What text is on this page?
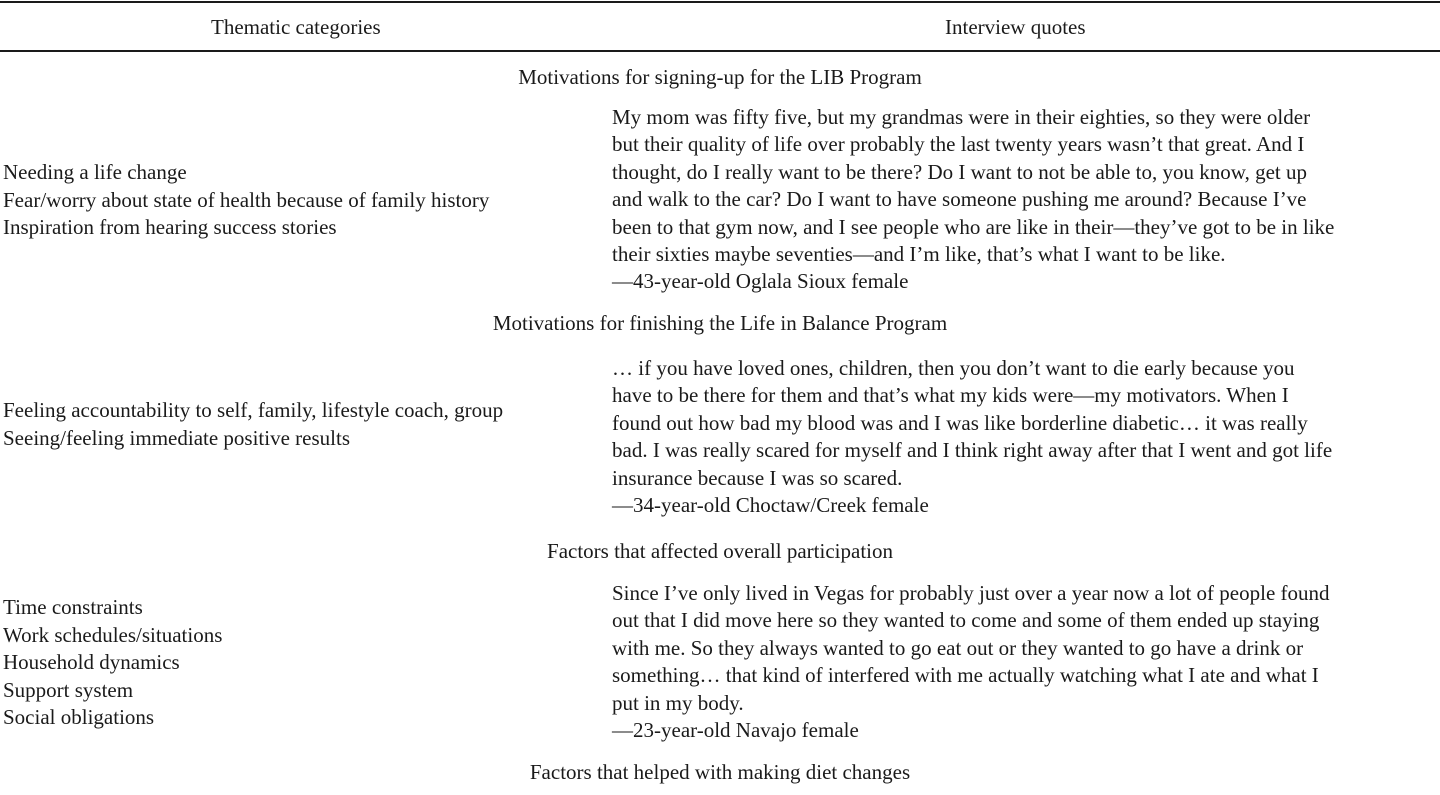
Thematic categories	Interview quotes
Motivations for signing-up for the LIB Program
Needing a life change
Fear/worry about state of health because of family history
Inspiration from hearing success stories
My mom was fifty five, but my grandmas were in their eighties, so they were older
but their quality of life over probably the last twenty years wasn’t that great. And I
thought, do I really want to be there? Do I want to not be able to, you know, get up
and walk to the car? Do I want to have someone pushing me around? Because I’ve
been to that gym now, and I see people who are like in their—they’ve got to be in like
their sixties maybe seventies—and I’m like, that’s what I want to be like.
—43-year-old Oglala Sioux female
Motivations for finishing the Life in Balance Program
Feeling accountability to self, family, lifestyle coach, group
Seeing/feeling immediate positive results
… if you have loved ones, children, then you don’t want to die early because you
have to be there for them and that’s what my kids were—my motivators. When I
found out how bad my blood was and I was like borderline diabetic… it was really
bad. I was really scared for myself and I think right away after that I went and got life
insurance because I was so scared.
—34-year-old Choctaw/Creek female
Factors that affected overall participation
Time constraints
Work schedules/situations
Household dynamics
Support system
Social obligations
Since I’ve only lived in Vegas for probably just over a year now a lot of people found
out that I did move here so they wanted to come and some of them ended up staying
with me. So they always wanted to go eat out or they wanted to go have a drink or
something… that kind of interfered with me actually watching what I ate and what I
put in my body.
—23-year-old Navajo female
Factors that helped with making diet changes
